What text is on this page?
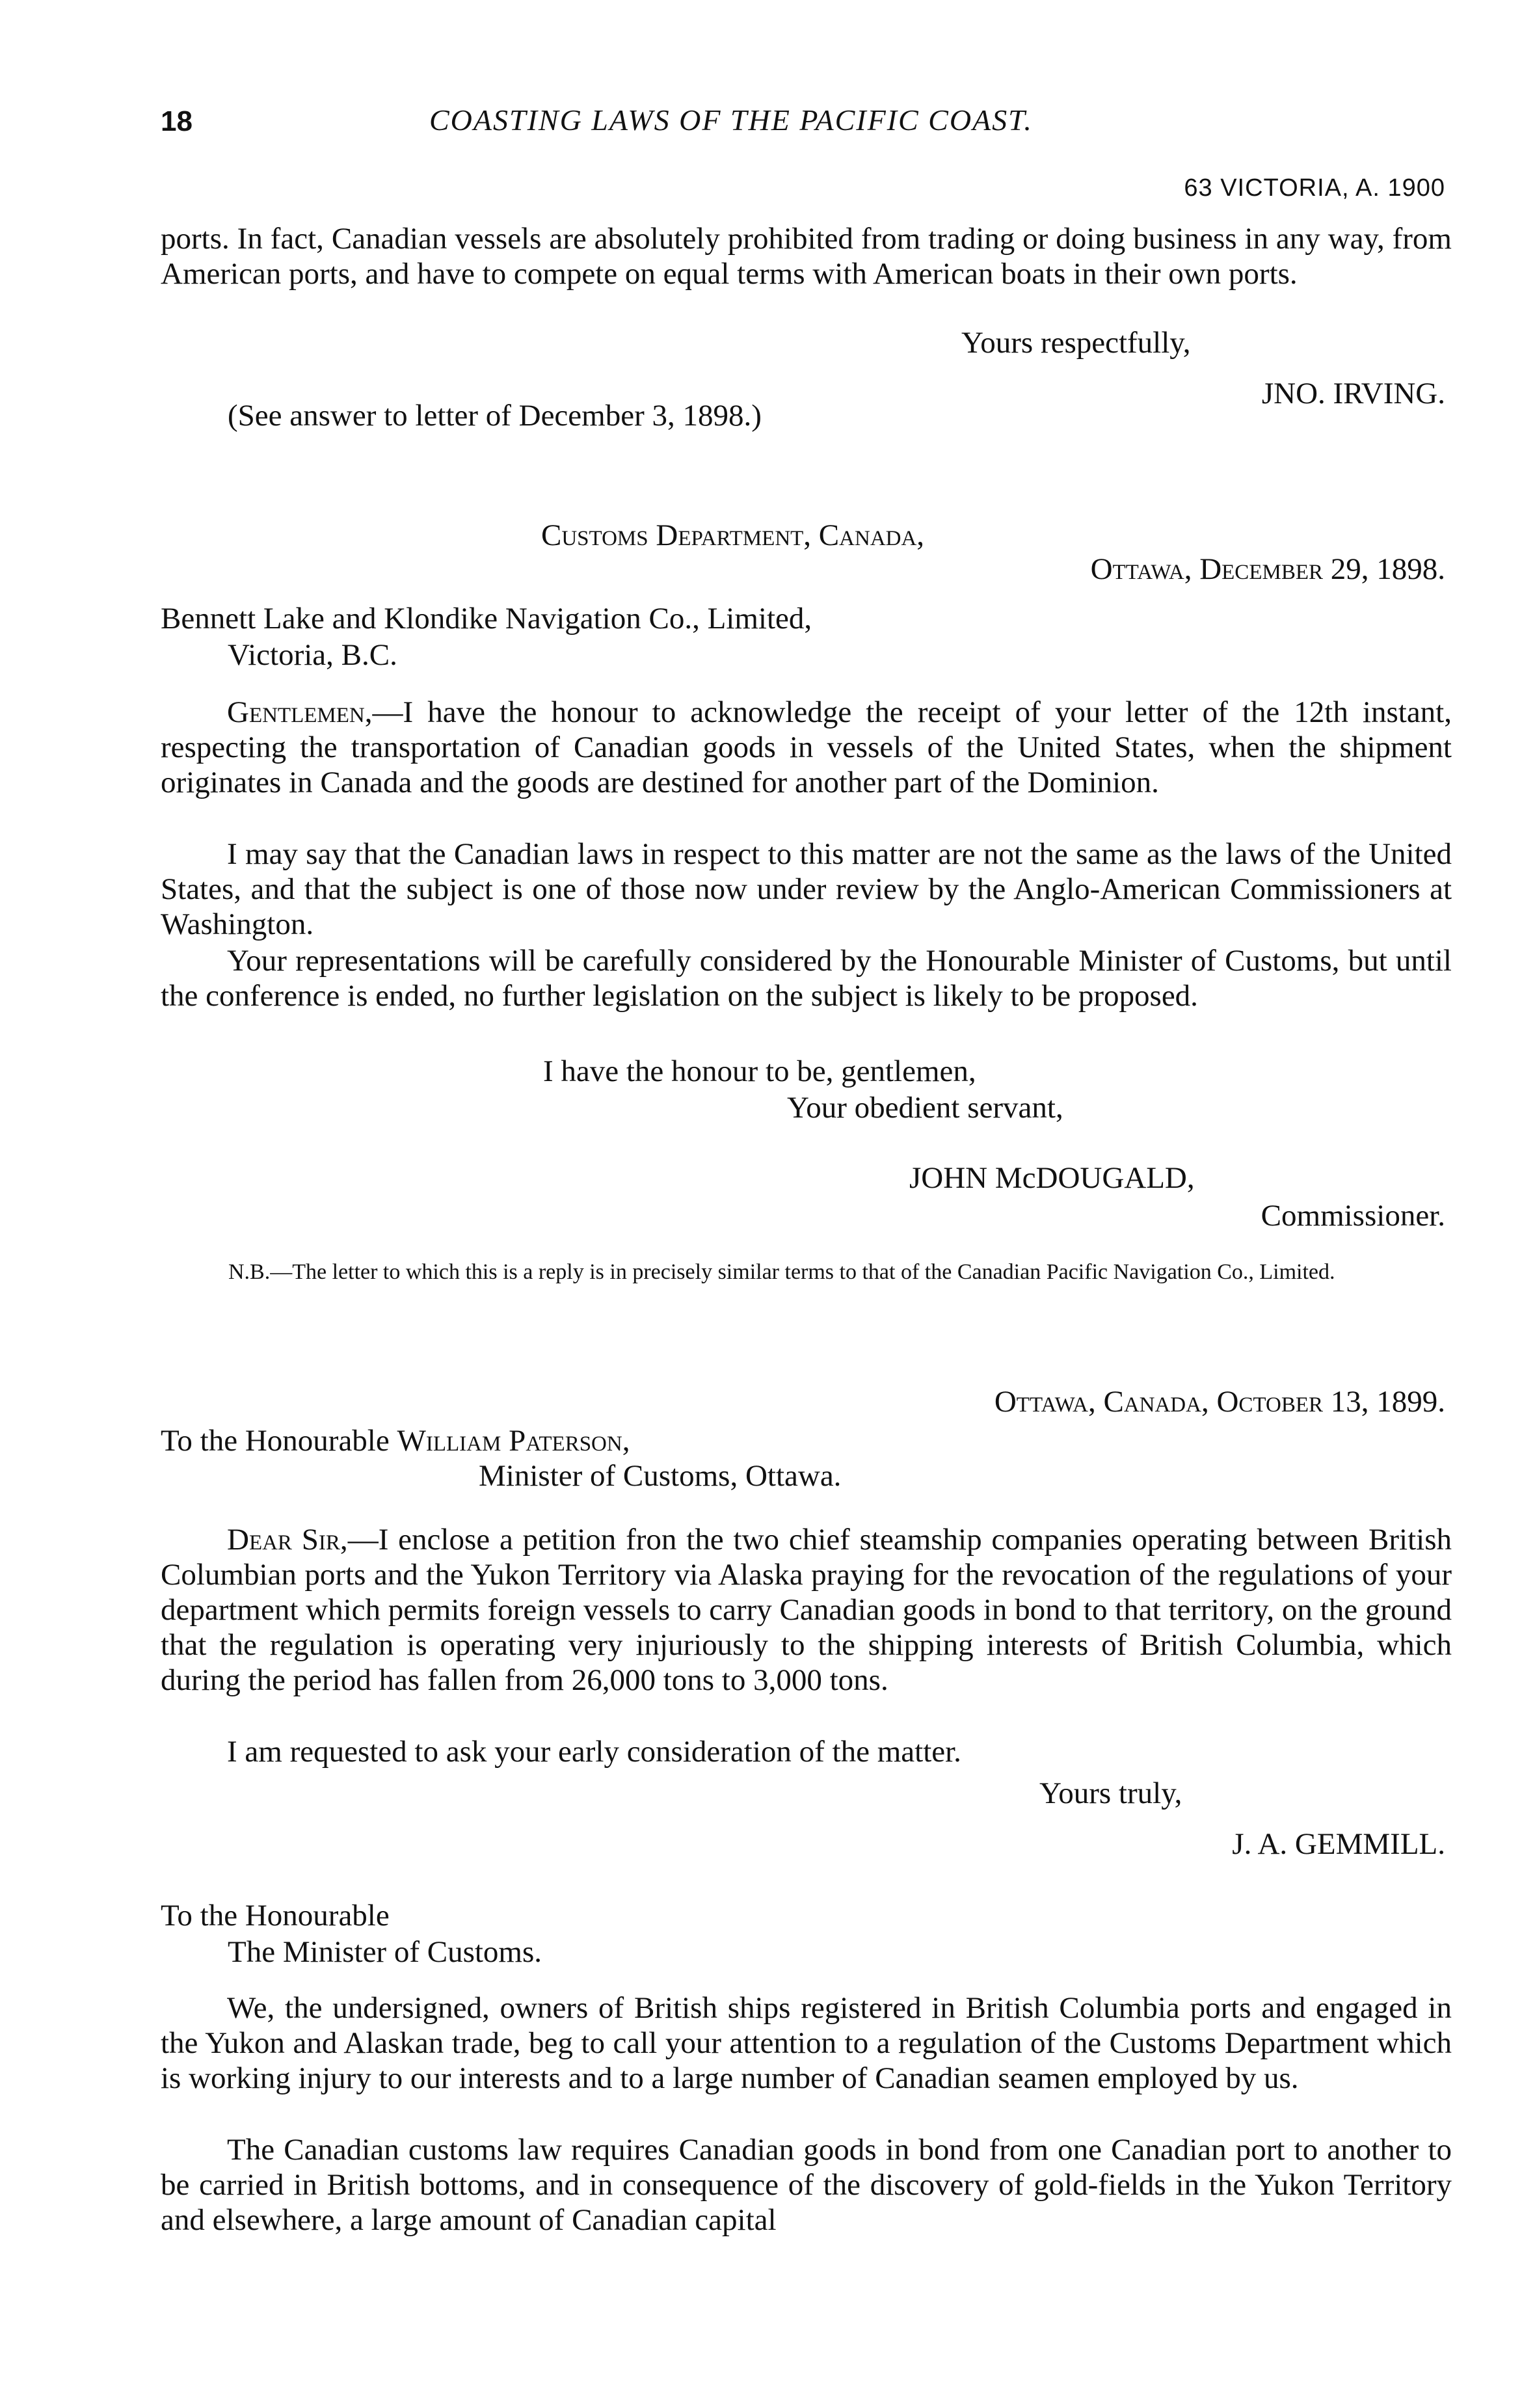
18	COASTING LAWS OF THE PACIFIC COAST.
63 VICTORIA, A. 1900
ports. In fact, Canadian vessels are absolutely prohibited from trading or doing business in any way, from American ports, and have to compete on equal terms with American boats in their own ports.
Yours respectfully,
JNO. IRVING.
(See answer to letter of December 3, 1898.)
Customs Department, Canada,
Ottawa, December 29, 1898.
Bennett Lake and Klondike Navigation Co., Limited,
Victoria, B.C.
Gentlemen,—I have the honour to acknowledge the receipt of your letter of the 12th instant, respecting the transportation of Canadian goods in vessels of the United States, when the shipment originates in Canada and the goods are destined for another part of the Dominion.
I may say that the Canadian laws in respect to this matter are not the same as the laws of the United States, and that the subject is one of those now under review by the Anglo-American Commissioners at Washington.
Your representations will be carefully considered by the Honourable Minister of Customs, but until the conference is ended, no further legislation on the subject is likely to be proposed.
I have the honour to be, gentlemen,
Your obedient servant,
JOHN McDOUGALD,
Commissioner.
N.B.—The letter to which this is a reply is in precisely similar terms to that of the Canadian Pacific Navigation Co., Limited.
Ottawa, Canada, October 13, 1899.
To the Honourable William Paterson,
Minister of Customs, Ottawa.
Dear Sir,—I enclose a petition fron the two chief steamship companies operating between British Columbian ports and the Yukon Territory via Alaska praying for the revocation of the regulations of your department which permits foreign vessels to carry Canadian goods in bond to that territory, on the ground that the regulation is operating very injuriously to the shipping interests of British Columbia, which during the period has fallen from 26,000 tons to 3,000 tons.
I am requested to ask your early consideration of the matter.
Yours truly,
J. A. GEMMILL.
To the Honourable
The Minister of Customs.
We, the undersigned, owners of British ships registered in British Columbia ports and engaged in the Yukon and Alaskan trade, beg to call your attention to a regulation of the Customs Department which is working injury to our interests and to a large number of Canadian seamen employed by us.
The Canadian customs law requires Canadian goods in bond from one Canadian port to another to be carried in British bottoms, and in consequence of the discovery of gold-fields in the Yukon Territory and elsewhere, a large amount of Canadian capital
